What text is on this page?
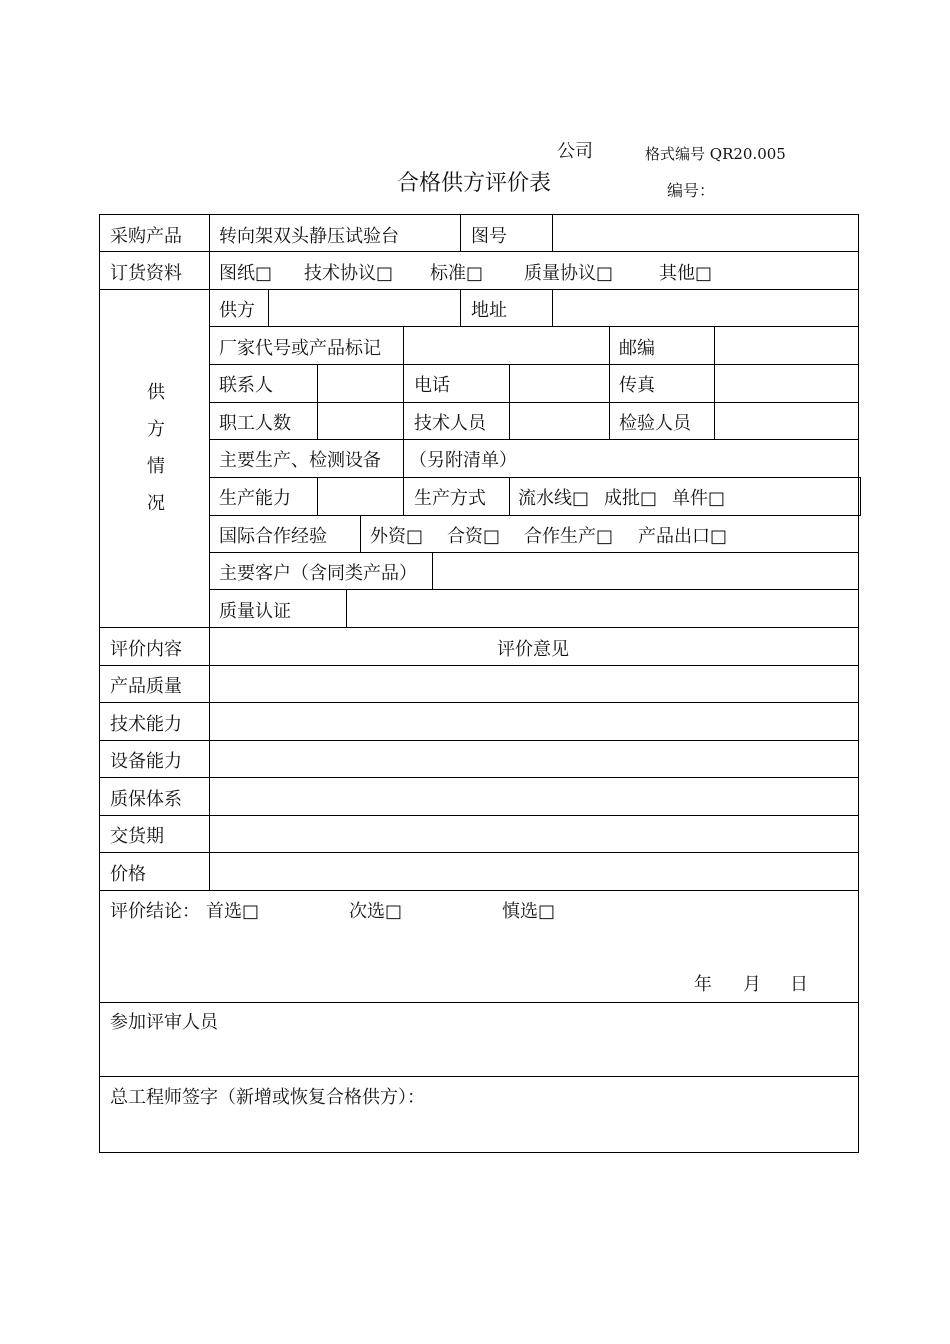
公司	格式编号 QR20.005
合格供方评价表	编号：
采购产品 转向架双头静压试验台	图号
订货资料 图纸□ 技术协议□ 标准□ 质量协议□	其他□
供
方
情
况
供方	地址
厂家代号或产品标记	邮编
联系人	电话	传真
职工人数	技术人员	检验人员
主要生产、检测设备 （另附清单）
生产能力	生产方式 流水线□ 成批□ 单件□
国际合作经验 外资□ 合资□ 合作生产□ 产品出口□
主要客户（含同类产品）
质量认证
评价内容	评价意见
产品质量
技术能力
设备能力
质保体系
交货期
价格
评价结论： 首选□	次选□	慎选□
年 月 日
参加评审人员
总工程师签字（新增或恢复合格供方）：
